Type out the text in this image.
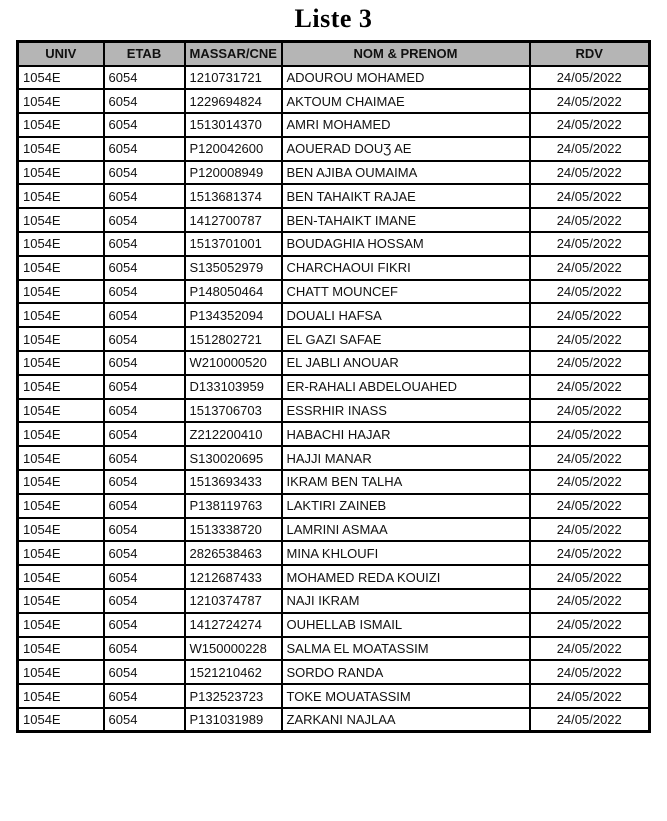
Liste 3
UNIV	ETAB	MASSAR/CNE	NOM & PRENOM	RDV
1054E	6054	1210731721	ADOUROU MOHAMED	24/05/2022
1054E	6054	1229694824	AKTOUM CHAIMAE	24/05/2022
1054E	6054	1513014370	AMRI MOHAMED	24/05/2022
1054E	6054	P120042600	AOUERAD DOUƷ̄ AE	24/05/2022
1054E	6054	P120008949	BEN AJIBA OUMAIMA	24/05/2022
1054E	6054	1513681374	BEN TAHAIKT RAJAE	24/05/2022
1054E	6054	1412700787	BEN-TAHAIKT IMANE	24/05/2022
1054E	6054	1513701001	BOUDAGHIA HOSSAM	24/05/2022
1054E	6054	S135052979	CHARCHAOUI FIKRI	24/05/2022
1054E	6054	P148050464	CHATT MOUNCEF	24/05/2022
1054E	6054	P134352094	DOUALI HAFSA	24/05/2022
1054E	6054	1512802721	EL GAZI SAFAE	24/05/2022
1054E	6054	W210000520	EL JABLI ANOUAR	24/05/2022
1054E	6054	D133103959	ER-RAHALI ABDELOUAHED	24/05/2022
1054E	6054	1513706703	ESSRHIR INASS	24/05/2022
1054E	6054	Z212200410	HABACHI HAJAR	24/05/2022
1054E	6054	S130020695	HAJJI MANAR	24/05/2022
1054E	6054	1513693433	IKRAM BEN TALHA	24/05/2022
1054E	6054	P138119763	LAKTIRI ZAINEB	24/05/2022
1054E	6054	1513338720	LAMRINI ASMAA	24/05/2022
1054E	6054	2826538463	MINA KHLOUFI	24/05/2022
1054E	6054	1212687433	MOHAMED REDA KOUIZI	24/05/2022
1054E	6054	1210374787	NAJI IKRAM	24/05/2022
1054E	6054	1412724274	OUHELLAB ISMAIL	24/05/2022
1054E	6054	W150000228	SALMA EL MOATASSIM	24/05/2022
1054E	6054	1521210462	SORDO RANDA	24/05/2022
1054E	6054	P132523723	TOKE MOUATASSIM	24/05/2022
1054E	6054	P131031989	ZARKANI NAJLAA	24/05/2022
